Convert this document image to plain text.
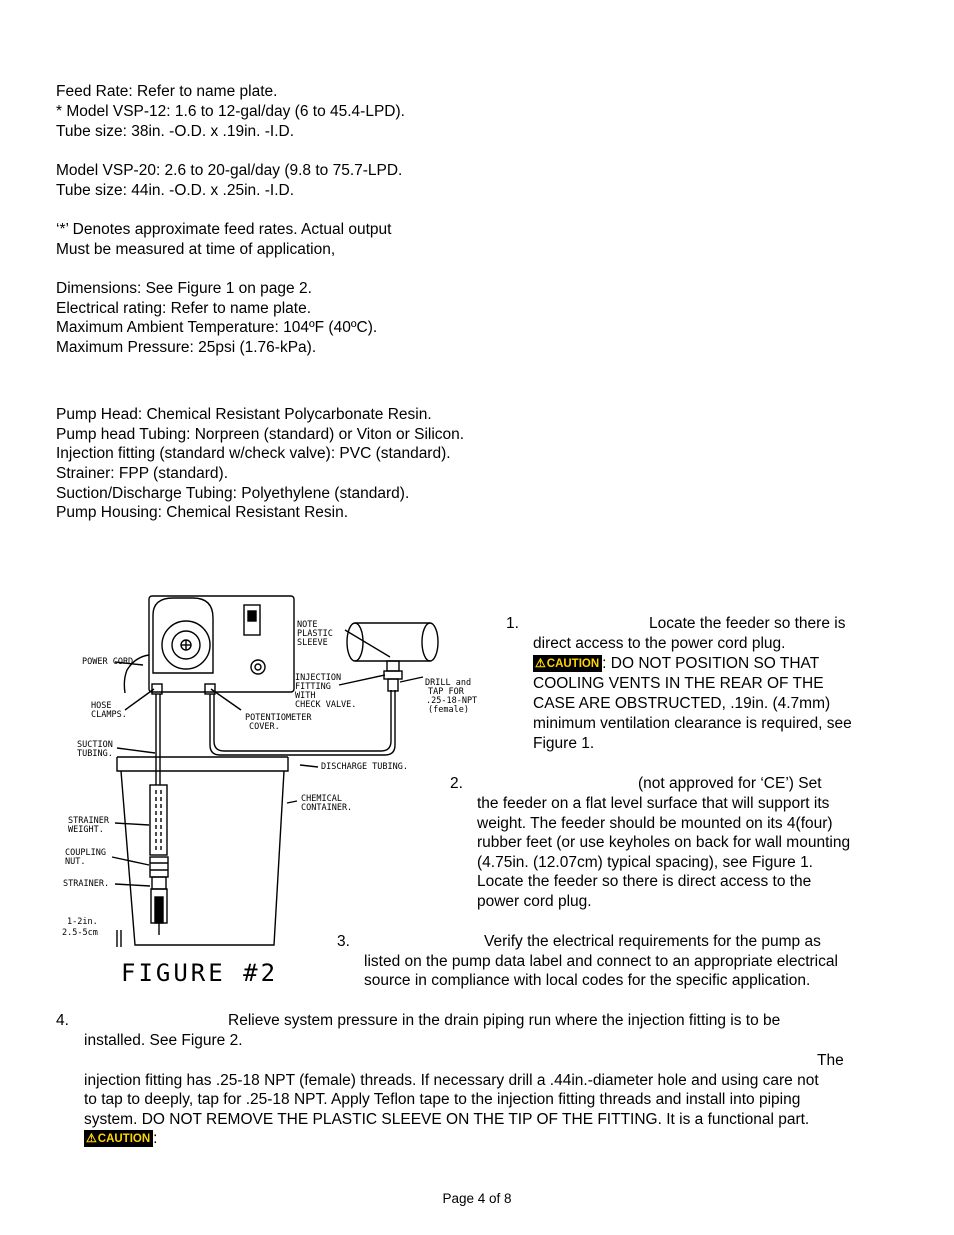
Feed Rate: Refer to name plate.
* Model VSP-12: 1.6 to 12-gal/day (6 to 45.4-LPD).
Tube size: 38in. -O.D. x .19in. -I.D.
Model VSP-20: 2.6 to 20-gal/day (9.8 to 75.7-LPD.
Tube size: 44in. -O.D. x .25in. -I.D.
‘*’ Denotes approximate feed rates. Actual output
Must be measured at time of application,
Dimensions: See Figure 1 on page 2.
Electrical rating: Refer to name plate.
Maximum Ambient Temperature: 104ºF (40ºC).
Maximum Pressure: 25psi (1.76-kPa).
Pump Head: Chemical Resistant Polycarbonate Resin.
Pump head Tubing: Norpreen (standard) or Viton or Silicon.
Injection fitting (standard w/check valve): PVC (standard).
Strainer: FPP (standard).
Suction/Discharge Tubing: Polyethylene (standard).
Pump Housing: Chemical Resistant Resin.
POWER CORD
HOSE
CLAMPS.
SUCTION
TUBING.
STRAINER
WEIGHT.
COUPLING
NUT.
STRAINER.
1-2in.
2.5-5cm
NOTE
PLASTIC
SLEEVE
INJECTION
FITTING
WITH
CHECK VALVE.
DRILL and
TAP FOR
.25-18-NPT
(female)
POTENTIOMETER
COVER.
DISCHARGE TUBING.
CHEMICAL
CONTAINER.
FIGURE #2
1.	Locate the feeder so there is
direct access to the power cord plug.
⚠CAUTION : DO NOT POSITION SO THAT
COOLING VENTS IN THE REAR OF THE
CASE ARE OBSTRUCTED, .19in. (4.7mm)
minimum ventilation clearance is required, see
Figure 1.
2.	(not approved for ‘CE’) Set
the feeder on a flat level surface that will support its
weight. The feeder should be mounted on its 4(four)
rubber feet (or use keyholes on back for wall mounting
(4.75in. (12.07cm) typical spacing), see Figure 1.
Locate the feeder so there is direct access to the
power cord plug.
3.	Verify the electrical requirements for the pump as
listed on the pump data label and connect to an appropriate electrical
source in compliance with local codes for the specific application.
4.	Relieve system pressure in the drain piping run where the injection fitting is to be
installed. See Figure 2.
The
injection fitting has .25-18 NPT (female) threads. If necessary drill a .44in.-diameter hole and using care not
to tap to deeply, tap for .25-18 NPT. Apply Teflon tape to the injection fitting threads and install into piping
system. DO NOT REMOVE THE PLASTIC SLEEVE ON THE TIP OF THE FITTING. It is a functional part.
⚠CAUTION :
Page 4 of 8
